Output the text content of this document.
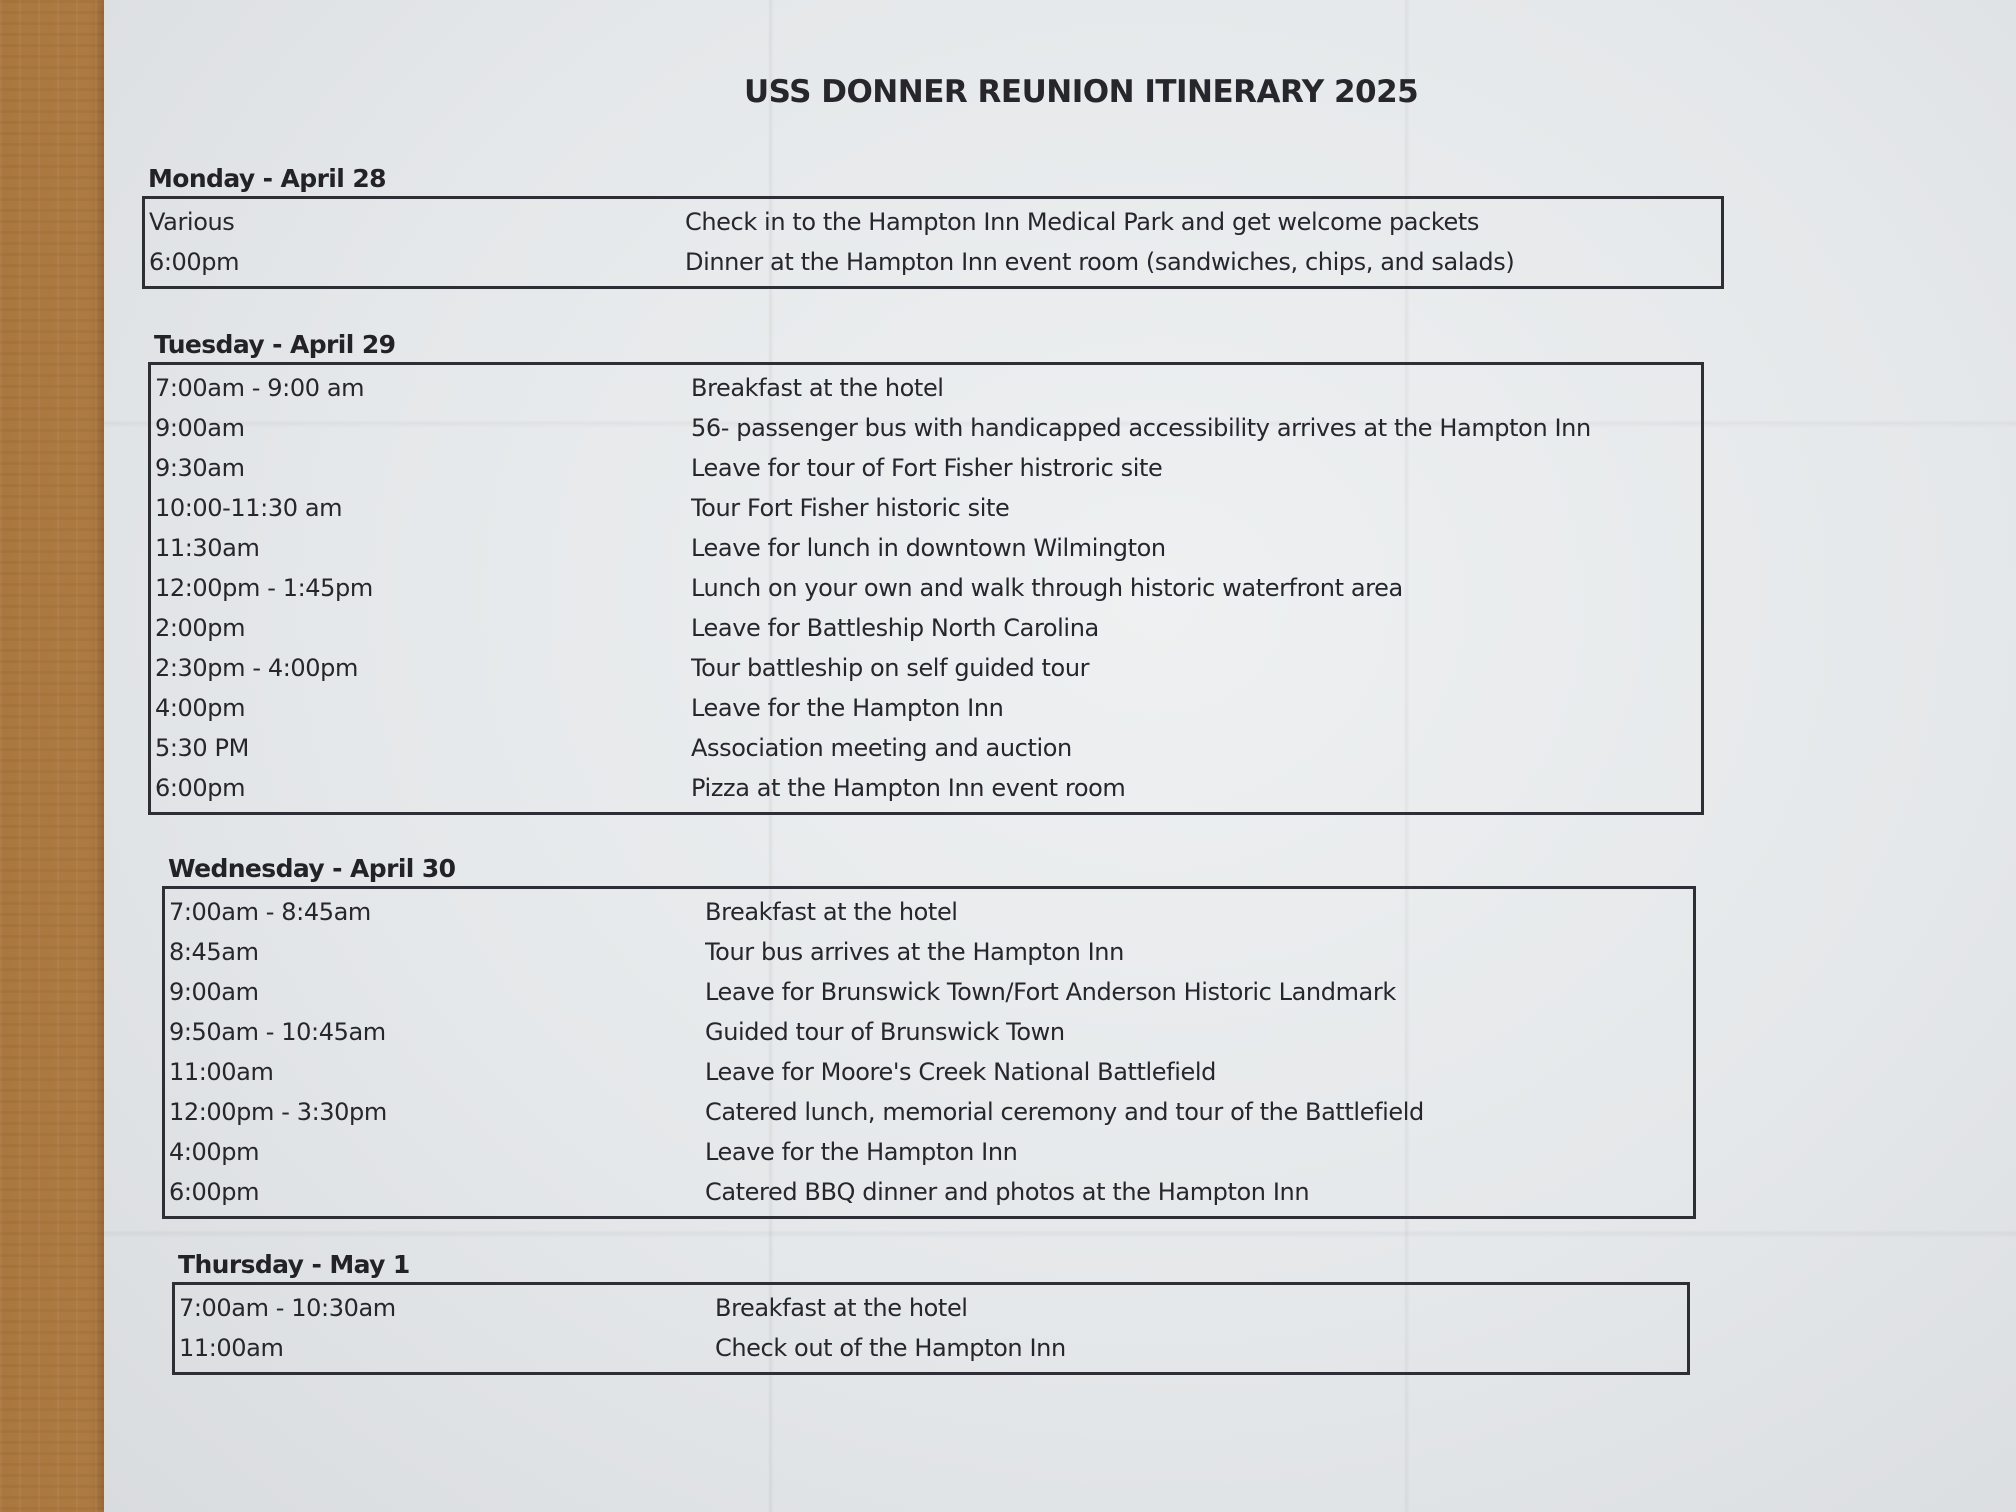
USS DONNER REUNION ITINERARY 2025
Monday - April 28
Various	Check in to the Hampton Inn Medical Park and get welcome packets
6:00pm	Dinner at the Hampton Inn event room (sandwiches, chips, and salads)
Tuesday - April 29
7:00am - 9:00 am	Breakfast at the hotel
9:00am	56- passenger bus with handicapped accessibility arrives at the Hampton Inn
9:30am	Leave for tour of Fort Fisher histroric site
10:00-11:30 am	Tour Fort Fisher historic site
11:30am	Leave for lunch in downtown Wilmington
12:00pm - 1:45pm	Lunch on your own and walk through historic waterfront area
2:00pm	Leave for Battleship North Carolina
2:30pm - 4:00pm	Tour battleship on self guided tour
4:00pm	Leave for the Hampton Inn
5:30 PM	Association meeting and auction
6:00pm	Pizza at the Hampton Inn event room
Wednesday - April 30
7:00am - 8:45am	Breakfast at the hotel
8:45am	Tour bus arrives at the Hampton Inn
9:00am	Leave for Brunswick Town/Fort Anderson Historic Landmark
9:50am - 10:45am	Guided tour of Brunswick Town
11:00am	Leave for Moore's Creek National Battlefield
12:00pm - 3:30pm	Catered lunch, memorial ceremony and tour of the Battlefield
4:00pm	Leave for the Hampton Inn
6:00pm	Catered BBQ dinner and photos at the Hampton Inn
Thursday - May 1
7:00am - 10:30am	Breakfast at the hotel
11:00am	Check out of the Hampton Inn
